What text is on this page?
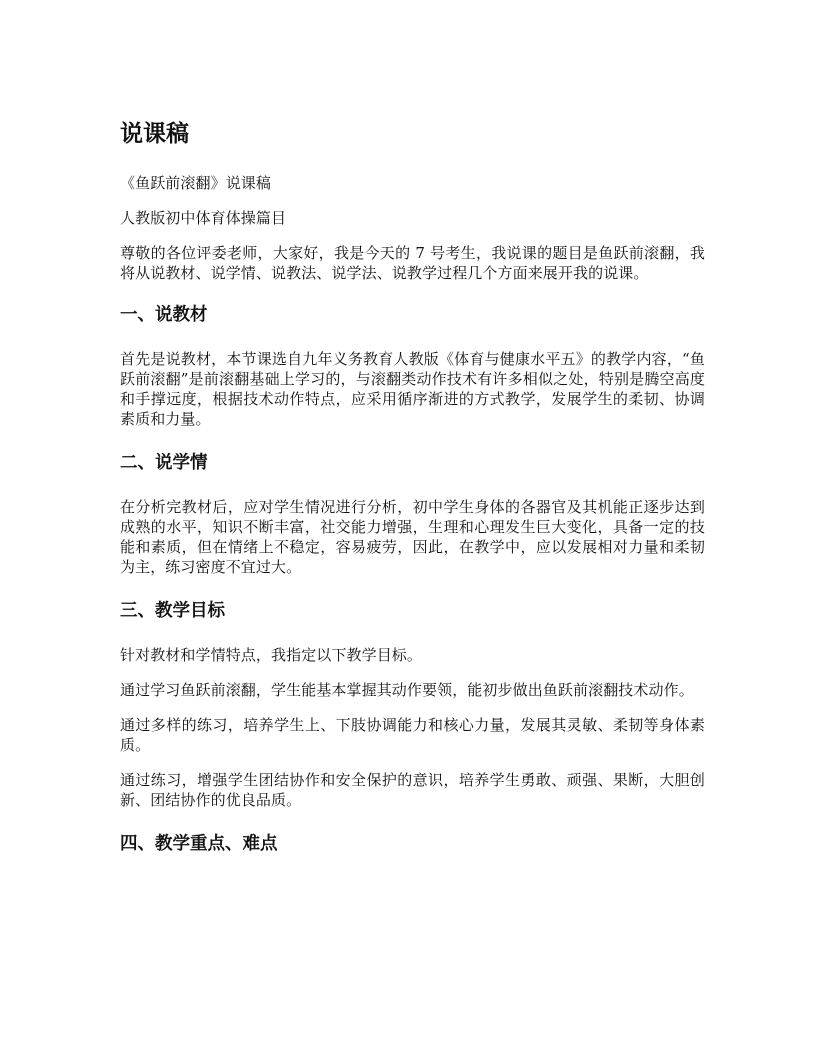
说课稿

《鱼跃前滚翻》说课稿

人教版初中体育体操篇目

尊敬的各位评委老师，大家好，我是今天的 7 号考生，我说课的题目是鱼跃前滚翻，我将从说教材、说学情、说教法、说学法、说教学过程几个方面来展开我的说课。

一、说教材

首先是说教材，本节课选自九年义务教育人教版《体育与健康水平五》的教学内容，“鱼跃前滚翻”是前滚翻基础上学习的，与滚翻类动作技术有许多相似之处，特别是腾空高度和手撑远度，根据技术动作特点，应采用循序渐进的方式教学，发展学生的柔韧、协调素质和力量。

二、说学情

在分析完教材后，应对学生情况进行分析，初中学生身体的各器官及其机能正逐步达到成熟的水平，知识不断丰富，社交能力增强，生理和心理发生巨大变化，具备一定的技能和素质，但在情绪上不稳定，容易疲劳，因此，在教学中，应以发展相对力量和柔韧为主，练习密度不宜过大。

三、教学目标

针对教材和学情特点，我指定以下教学目标。

通过学习鱼跃前滚翻，学生能基本掌握其动作要领，能初步做出鱼跃前滚翻技术动作。

通过多样的练习，培养学生上、下肢协调能力和核心力量，发展其灵敏、柔韧等身体素质。

通过练习，增强学生团结协作和安全保护的意识，培养学生勇敢、顽强、果断，大胆创新、团结协作的优良品质。

四、教学重点、难点
